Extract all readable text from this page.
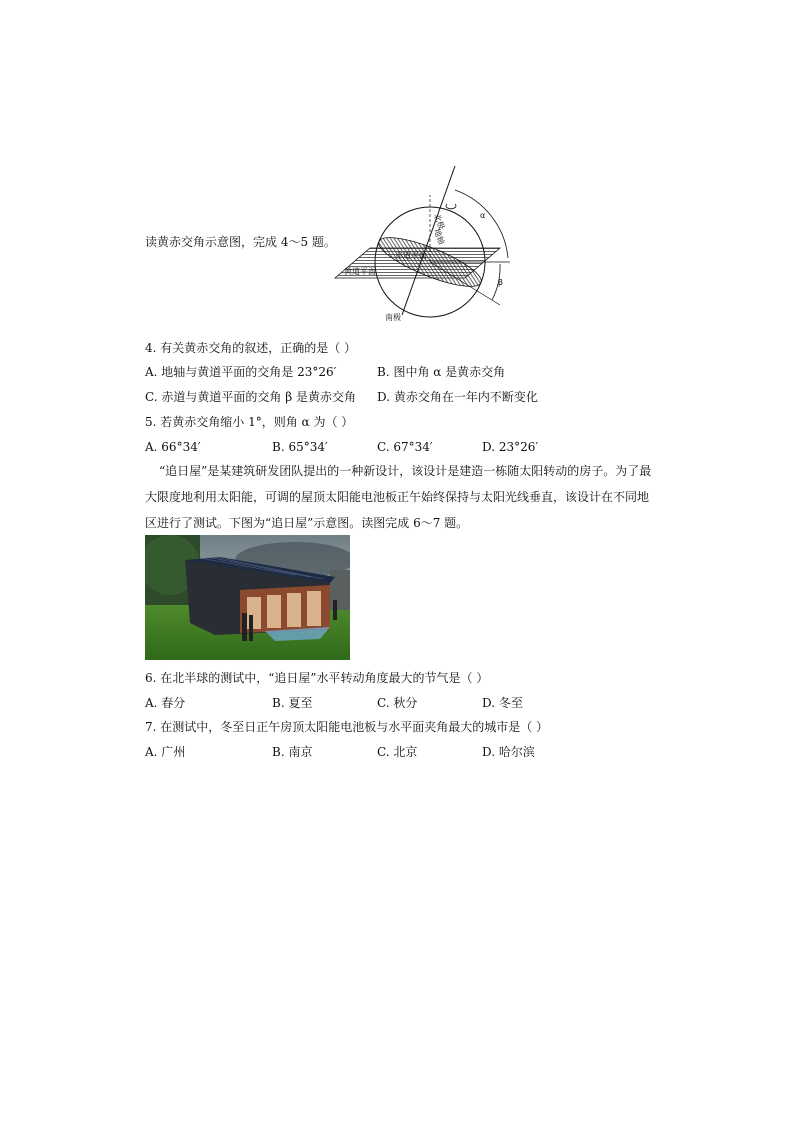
读黄赤交角示意图，完成 4～5 题。
北极
地轴
赤道平面
黄道平面
南极
α
β
4. 有关黄赤交角的叙述，正确的是（ ）
A. 地轴与黄道平面的交角是 23°26′	B. 图中角 α 是黄赤交角
C. 赤道与黄道平面的交角 β 是黄赤交角 D. 黄赤交角在一年内不断变化
5. 若黄赤交角缩小 1°，则角 α 为（ ）
A. 66°34′	B. 65°34′	C. 67°34′	D. 23°26′
“追日屋”是某建筑研发团队提出的一种新设计，该设计是建造一栋随太阳转动的房子。为了最大限度地利用太阳能，可调的屋顶太阳能电池板正午始终保持与太阳光线垂直，该设计在不同地区进行了测试。下图为“追日屋”示意图。读图完成 6～7 题。
6. 在北半球的测试中，“追日屋”水平转动角度最大的节气是（ ）
A. 春分	B. 夏至	C. 秋分	D. 冬至
7. 在测试中，冬至日正午房顶太阳能电池板与水平面夹角最大的城市是（ ）
A. 广州	B. 南京	C. 北京	D. 哈尔滨
